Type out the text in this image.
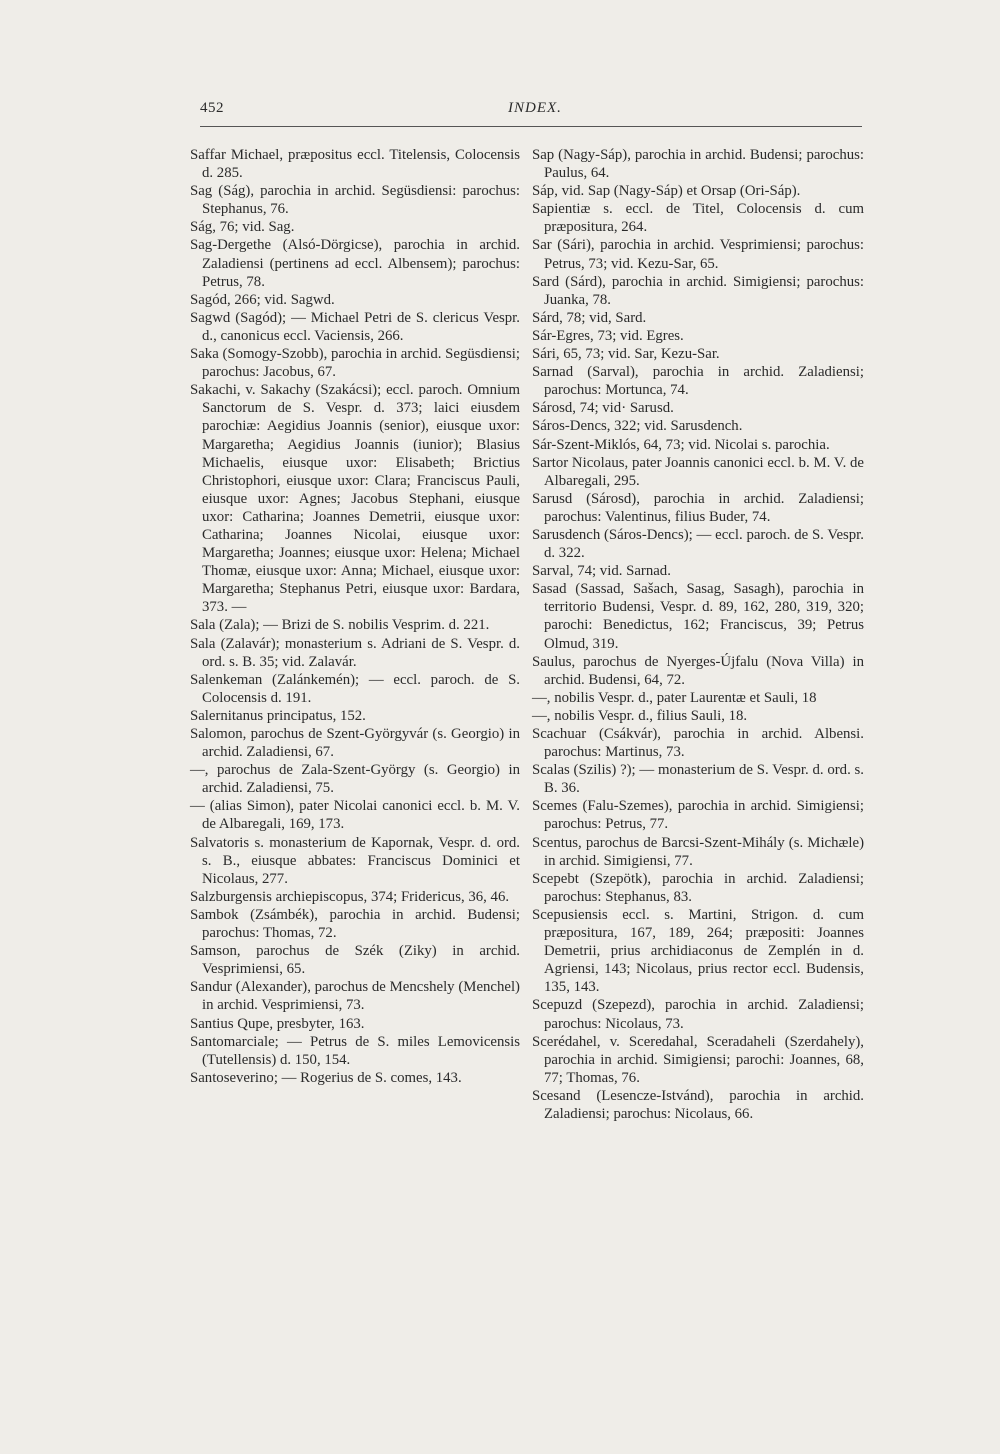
452	INDEX.

Saffar Michael, præpositus eccl. Titelensis, Colocensis d. 285.

Sag (Ság), parochia in archid. Següsdiensi: parochus: Stephanus, 76.

Ság, 76; vid. Sag.

Sag-Dergethe (Alsó-Dörgicse), parochia in archid. Zaladiensi (pertinens ad eccl. Albensem); parochus: Petrus, 78.

Sagód, 266; vid. Sagwd.

Sagwd (Sagód); — Michael Petri de S. clericus Vespr. d., canonicus eccl. Vaciensis, 266.

Saka (Somogy-Szobb), parochia in archid. Següsdiensi; parochus: Jacobus, 67.

Sakachi, v. Sakachy (Szakácsi); eccl. paroch. Omnium Sanctorum de S. Vespr. d. 373; laici eiusdem parochiæ: Aegidius Joannis (senior), eiusque uxor: Margaretha; Aegidius Joannis (iunior); Blasius Michaelis, eiusque uxor: Elisabeth; Brictius Christophori, eiusque uxor: Clara; Franciscus Pauli, eiusque uxor: Agnes; Jacobus Stephani, eiusque uxor: Catharina; Joannes Demetrii, eiusque uxor: Catharina; Joannes Nicolai, eiusque uxor: Margaretha; Joannes; eiusque uxor: Helena; Michael Thomæ, eiusque uxor: Anna; Michael, eiusque uxor: Margaretha; Stephanus Petri, eiusque uxor: Bardara, 373. —

Sala (Zala); — Brizi de S. nobilis Vesprim. d. 221.

Sala (Zalavár); monasterium s. Adriani de S. Vespr. d. ord. s. B. 35; vid. Zalavár.

Salenkeman (Zalánkemén); — eccl. paroch. de S. Colocensis d. 191.

Salernitanus principatus, 152.

Salomon, parochus de Szent-Györgyvár (s. Georgio) in archid. Zaladiensi, 67.

—, parochus de Zala-Szent-György (s. Georgio) in archid. Zaladiensi, 75.

— (alias Simon), pater Nicolai canonici eccl. b. M. V. de Albaregali, 169, 173.

Salvatoris s. monasterium de Kapornak, Vespr. d. ord. s. B., eiusque abbates: Franciscus Dominici et Nicolaus, 277.

Salzburgensis archiepiscopus, 374; Fridericus, 36, 46.

Sambok (Zsámbék), parochia in archid. Budensi; parochus: Thomas, 72.

Samson, parochus de Szék (Ziky) in archid. Vesprimiensi, 65.

Sandur (Alexander), parochus de Mencshely (Menchel) in archid. Vesprimiensi, 73.

Santius Qupe, presbyter, 163.

Santomarciale; — Petrus de S. miles Lemovicensis (Tutellensis) d. 150, 154.

Santoseverino; — Rogerius de S. comes, 143.

Sap (Nagy-Sáp), parochia in archid. Budensi; parochus: Paulus, 64.

Sáp, vid. Sap (Nagy-Sáp) et Orsap (Ori-Sáp).

Sapientiæ s. eccl. de Titel, Colocensis d. cum præpositura, 264.

Sar (Sári), parochia in archid. Vesprimiensi; parochus: Petrus, 73; vid. Kezu-Sar, 65.

Sard (Sárd), parochia in archid. Simigiensi; parochus: Juanka, 78.

Sárd, 78; vid, Sard.

Sár-Egres, 73; vid. Egres.

Sári, 65, 73; vid. Sar, Kezu-Sar.

Sarnad (Sarval), parochia in archid. Zaladiensi; parochus: Mortunca, 74.

Sárosd, 74; vid· Sarusd.

Sáros-Dencs, 322; vid. Sarusdench.

Sár-Szent-Miklós, 64, 73; vid. Nicolai s. parochia.

Sartor Nicolaus, pater Joannis canonici eccl. b. M. V. de Albaregali, 295.

Sarusd (Sárosd), parochia in archid. Zaladiensi; parochus: Valentinus, filius Buder, 74.

Sarusdench (Sáros-Dencs); — eccl. paroch. de S. Vespr. d. 322.

Sarval, 74; vid. Sarnad.

Sasad (Sassad, Sašach, Sasag, Sasagh), parochia in territorio Budensi, Vespr. d. 89, 162, 280, 319, 320; parochi: Benedictus, 162; Franciscus, 39; Petrus Olmud, 319.

Saulus, parochus de Nyerges-Újfalu (Nova Villa) in archid. Budensi, 64, 72.

—, nobilis Vespr. d., pater Laurentæ et Sauli, 18

—, nobilis Vespr. d., filius Sauli, 18.

Scachuar (Csákvár), parochia in archid. Albensi. parochus: Martinus, 73.

Scalas (Szilis) ?); — monasterium de S. Vespr. d. ord. s. B. 36.

Scemes (Falu-Szemes), parochia in archid. Simigiensi; parochus: Petrus, 77.

Scentus, parochus de Barcsi-Szent-Mihály (s. Michæle) in archid. Simigiensi, 77.

Scepebt (Szepötk), parochia in archid. Zaladiensi; parochus: Stephanus, 83.

Scepusiensis eccl. s. Martini, Strigon. d. cum præpositura, 167, 189, 264; præpositi: Joannes Demetrii, prius archidiaconus de Zemplén in d. Agriensi, 143; Nicolaus, prius rector eccl. Budensis, 135, 143.

Scepuzd (Szepezd), parochia in archid. Zaladiensi; parochus: Nicolaus, 73.

Scerédahel, v. Sceredahal, Sceradaheli (Szerdahely), parochia in archid. Simigiensi; parochi: Joannes, 68, 77; Thomas, 76.

Scesand (Lesencze-Istvánd), parochia in archid. Zaladiensi; parochus: Nicolaus, 66.
